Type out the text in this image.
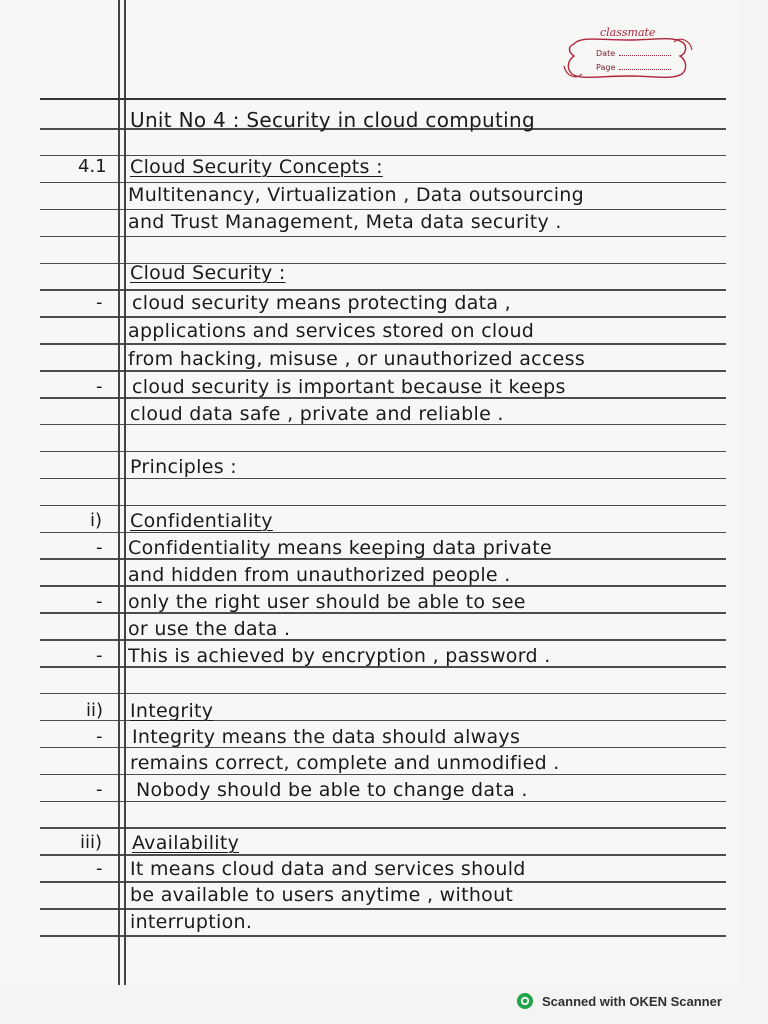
classmate
Date
Page
Unit No 4 : Security in cloud computing
4.1 Cloud Security Concepts :
Multitenancy, Virtualization , Data outsourcing
and Trust Management, Meta data security .
Cloud Security :
- cloud security means protecting data ,
applications and services stored on cloud
from hacking, misuse , or unauthorized access
- cloud security is important because it keeps
cloud data safe , private and reliable .
Principles :
i) Confidentiality
- Confidentiality means keeping data private
and hidden from unauthorized people .
- only the right user should be able to see
or use the data .
- This is achieved by encryption , password .
ii) Integrity
- Integrity means the data should always
remains correct, complete and unmodified .
- Nobody should be able to change data .
iii) Availability
- It means cloud data and services should
be available to users anytime , without
interruption.
Scanned with OKEN Scanner
